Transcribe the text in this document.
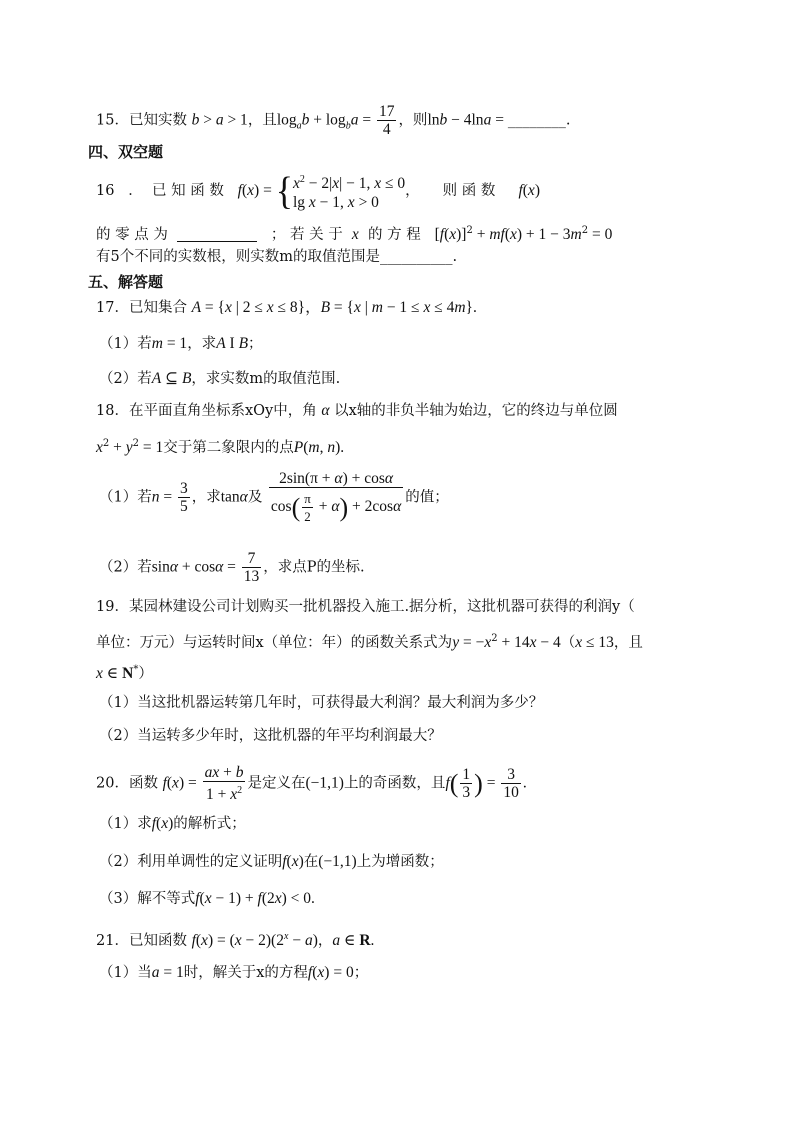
15．已知实数 b > a > 1，且$\log_ab + \log_ba = \frac{17}{4}$ ，则lnb − 4lna = ________.
四、双空题
16 ． 已 知 函 数 f(x) = { $x^2 - 2|x| - 1$, x ≤ 0
lg x − 1, x > 0
， 则 函 数 f(x)
的 零 点 为	； 若 关 于 x 的 方 程 $[f(x)]^2 + mf(x) + 1 - 3m^2 = 0$
有5个不同的实数根，则实数m的取值范围是__________.
五、解答题
17．已知集合 A = {x | 2 ≤ x ≤ 8}，B = {x | m − 1 ≤ x ≤ 4m}.
（1）若m = 1，求A I B；
（2）若A ⊆ B，求实数m的取值范围.
18．在平面直角坐标系xOy中，角 α 以x轴的非负半轴为始边，它的终边与单位圆
$x^2 + y^2 = 1$交于第二象限内的点P(m, n).
（1）若$n = \frac{3}{5}$ ，求tanα及 $\frac{2\sin(\pi + \alpha) + \cos\alpha}{\cos( \frac{\pi}{2} + \alpha) + 2\cos\alpha}$ 的值；
（2）若$\sin\alpha + \cos\alpha = \frac{7}{13}$ ，求点P的坐标.
19．某园林建设公司计划购买一批机器投入施工.据分析，这批机器可获得的利润y（
单位：万元）与运转时间x（单位：年）的函数关系式为$y = -x^2 + 14x - 4(x \le 13$，且
x ∈ N*）
（1）当这批机器运转第几年时，可获得最大利润？最大利润为多少？
（2）当运转多少年时，这批机器的年平均利润最大？
20．函数 $f(x) = \frac{ax + b}{1 + x^2}$ 是定义在(−1,1)上的奇函数，且$f( \frac{1}{3}$ ) = $\frac{3}{10}$ .
（1）求f(x)的解析式；
（2）利用单调性的定义证明f(x)在(−1,1)上为增函数；
（3）解不等式f(x − 1) + f(2x) < 0.
21．已知函数 $f(x) = (x - 2)(2^x - a)$，a ∈ R.
（1）当a = 1时，解关于x的方程f(x) = 0；
